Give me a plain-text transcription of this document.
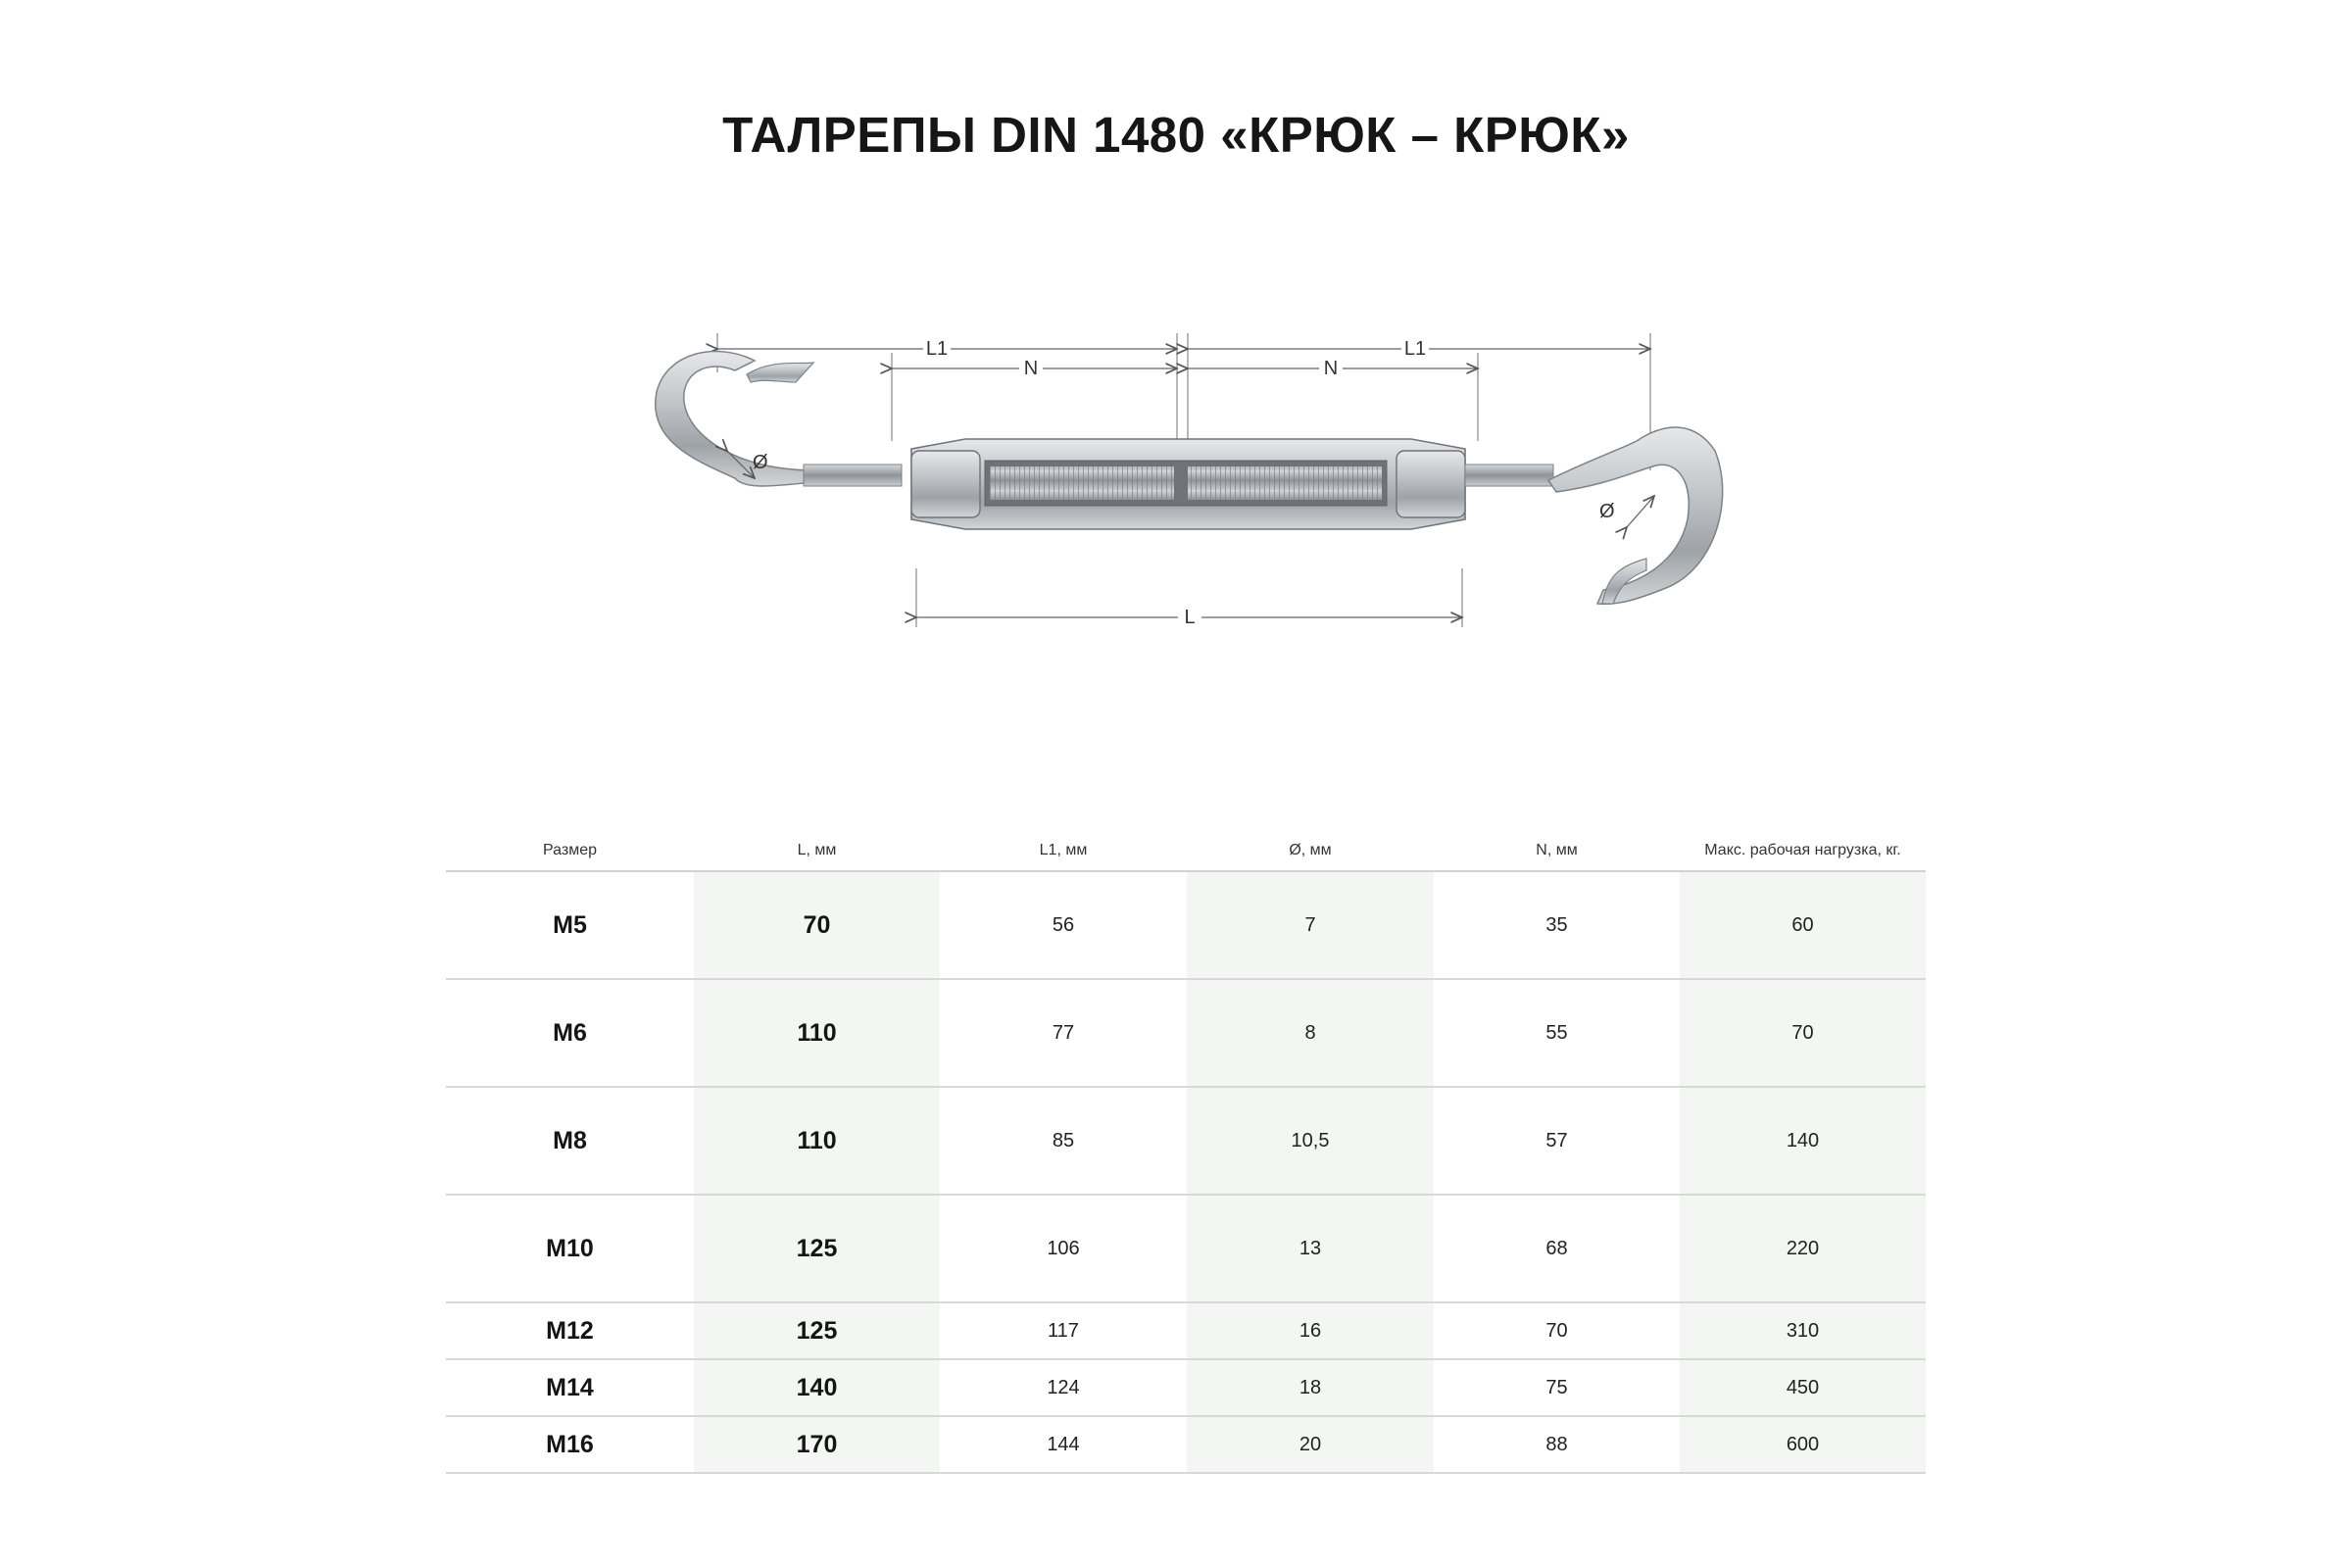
ТАЛРЕПЫ DIN 1480 «КРЮК – КРЮК»
L1
N	N
L1
L
Ø
Ø
Размер	L, мм	L1, мм	Ø, мм	N, мм	Макс. рабочая нагрузка, кг.
M5	70	56	7	35	60
M6	110	77	8	55	70
M8	110	85	10,5	57	140
M10	125	106	13	68	220
M12	125	117	16	70	310
M14	140	124	18	75	450
M16	170	144	20	88	600
